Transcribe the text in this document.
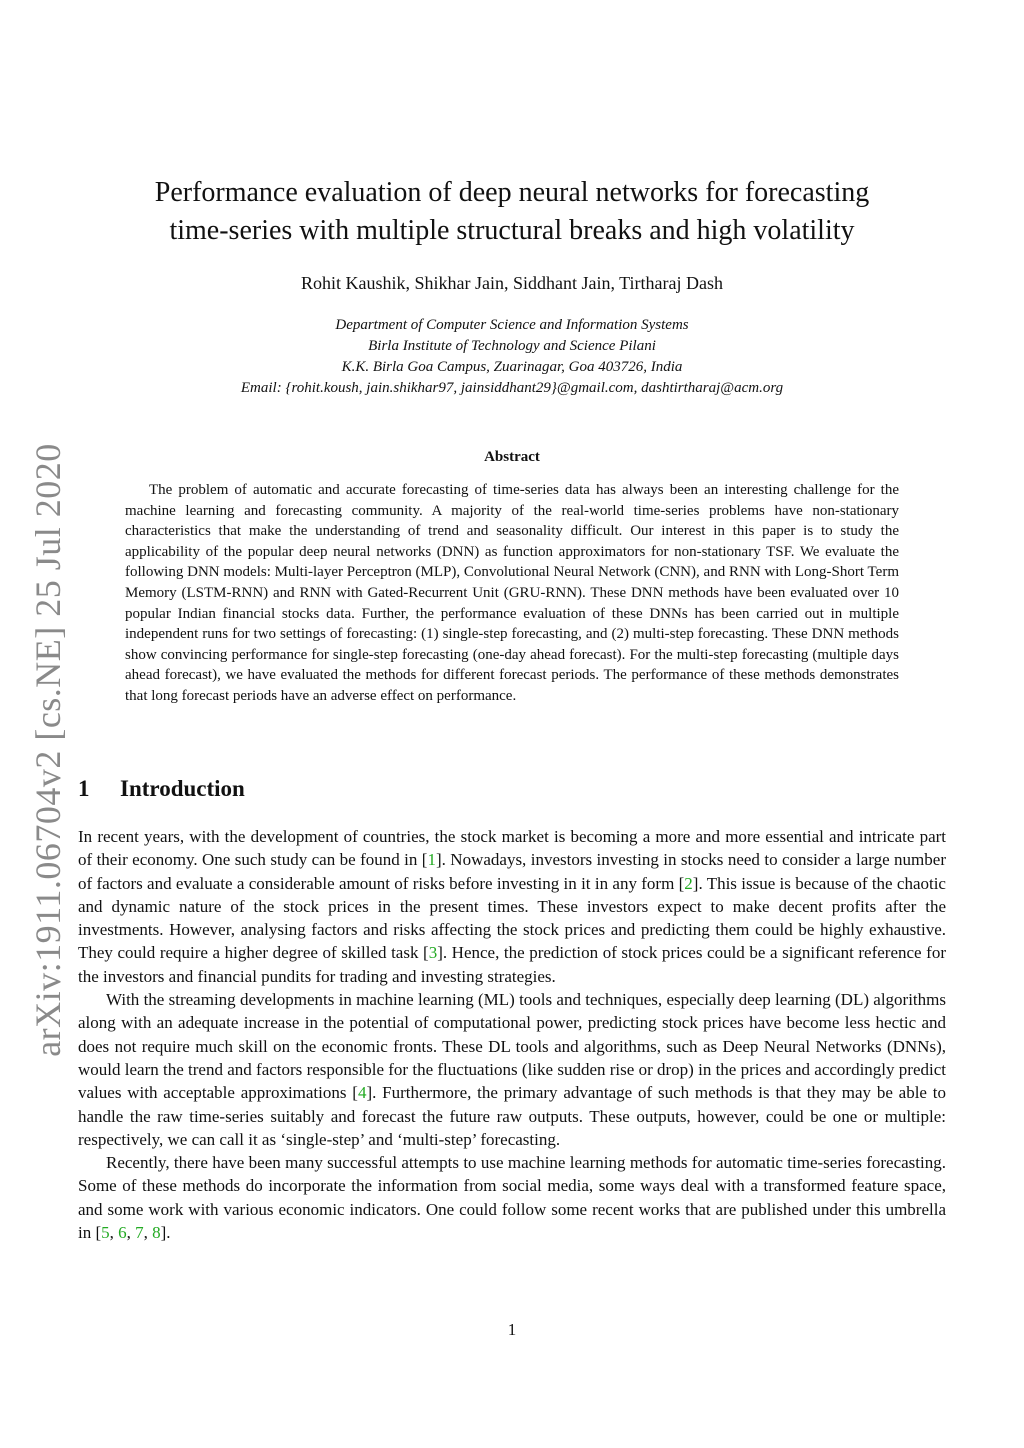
arXiv:1911.06704v2 [cs.NE] 25 Jul 2020
Performance evaluation of deep neural networks for forecasting
time-series with multiple structural breaks and high volatility
Rohit Kaushik, Shikhar Jain, Siddhant Jain, Tirtharaj Dash
Department of Computer Science and Information Systems
Birla Institute of Technology and Science Pilani
K.K. Birla Goa Campus, Zuarinagar, Goa 403726, India
Email: {rohit.koush, jain.shikhar97, jainsiddhant29}@gmail.com, dashtirtharaj@acm.org
Abstract
The problem of automatic and accurate forecasting of time-series data has always been an interesting challenge for the machine learning and forecasting community. A majority of the real-world time-series problems have non-stationary characteristics that make the understanding of trend and seasonality difficult. Our interest in this paper is to study the applicability of the popular deep neural networks (DNN) as function approximators for non-stationary TSF. We evaluate the following DNN models: Multi-layer Perceptron (MLP), Convolutional Neural Network (CNN), and RNN with Long-Short Term Memory (LSTM-RNN) and RNN with Gated-Recurrent Unit (GRU-RNN). These DNN methods have been evaluated over 10 popular Indian financial stocks data. Further, the performance evaluation of these DNNs has been carried out in multiple independent runs for two settings of forecasting: (1) single-step forecasting, and (2) multi-step forecasting. These DNN methods show convincing performance for single-step forecasting (one-day ahead forecast). For the multi-step forecasting (multiple days ahead forecast), we have evaluated the methods for different forecast periods. The performance of these methods demonstrates that long forecast periods have an adverse effect on performance.
1 Introduction

In recent years, with the development of countries, the stock market is becoming a more and more essential and intricate part of their economy. One such study can be found in [1]. Nowadays, investors investing in stocks need to consider a large number of factors and evaluate a considerable amount of risks before investing in it in any form [2]. This issue is because of the chaotic and dynamic nature of the stock prices in the present times. These investors expect to make decent profits after the investments. However, analysing factors and risks affecting the stock prices and predicting them could be highly exhaustive. They could require a higher degree of skilled task [3]. Hence, the prediction of stock prices could be a significant reference for the investors and financial pundits for trading and investing strategies.

With the streaming developments in machine learning (ML) tools and techniques, especially deep learning (DL) algorithms along with an adequate increase in the potential of computational power, predicting stock prices have become less hectic and does not require much skill on the economic fronts. These DL tools and algorithms, such as Deep Neural Networks (DNNs), would learn the trend and factors responsible for the fluctuations (like sudden rise or drop) in the prices and accordingly predict values with acceptable approximations [4]. Furthermore, the primary advantage of such methods is that they may be able to handle the raw time-series suitably and forecast the future raw outputs. These outputs, however, could be one or multiple: respectively, we can call it as ‘single-step’ and ‘multi-step’ forecasting.

Recently, there have been many successful attempts to use machine learning methods for automatic time-series forecasting. Some of these methods do incorporate the information from social media, some ways deal with a transformed feature space, and some work with various economic indicators. One could follow some recent works that are published under this umbrella in [5, 6, 7, 8].

1
